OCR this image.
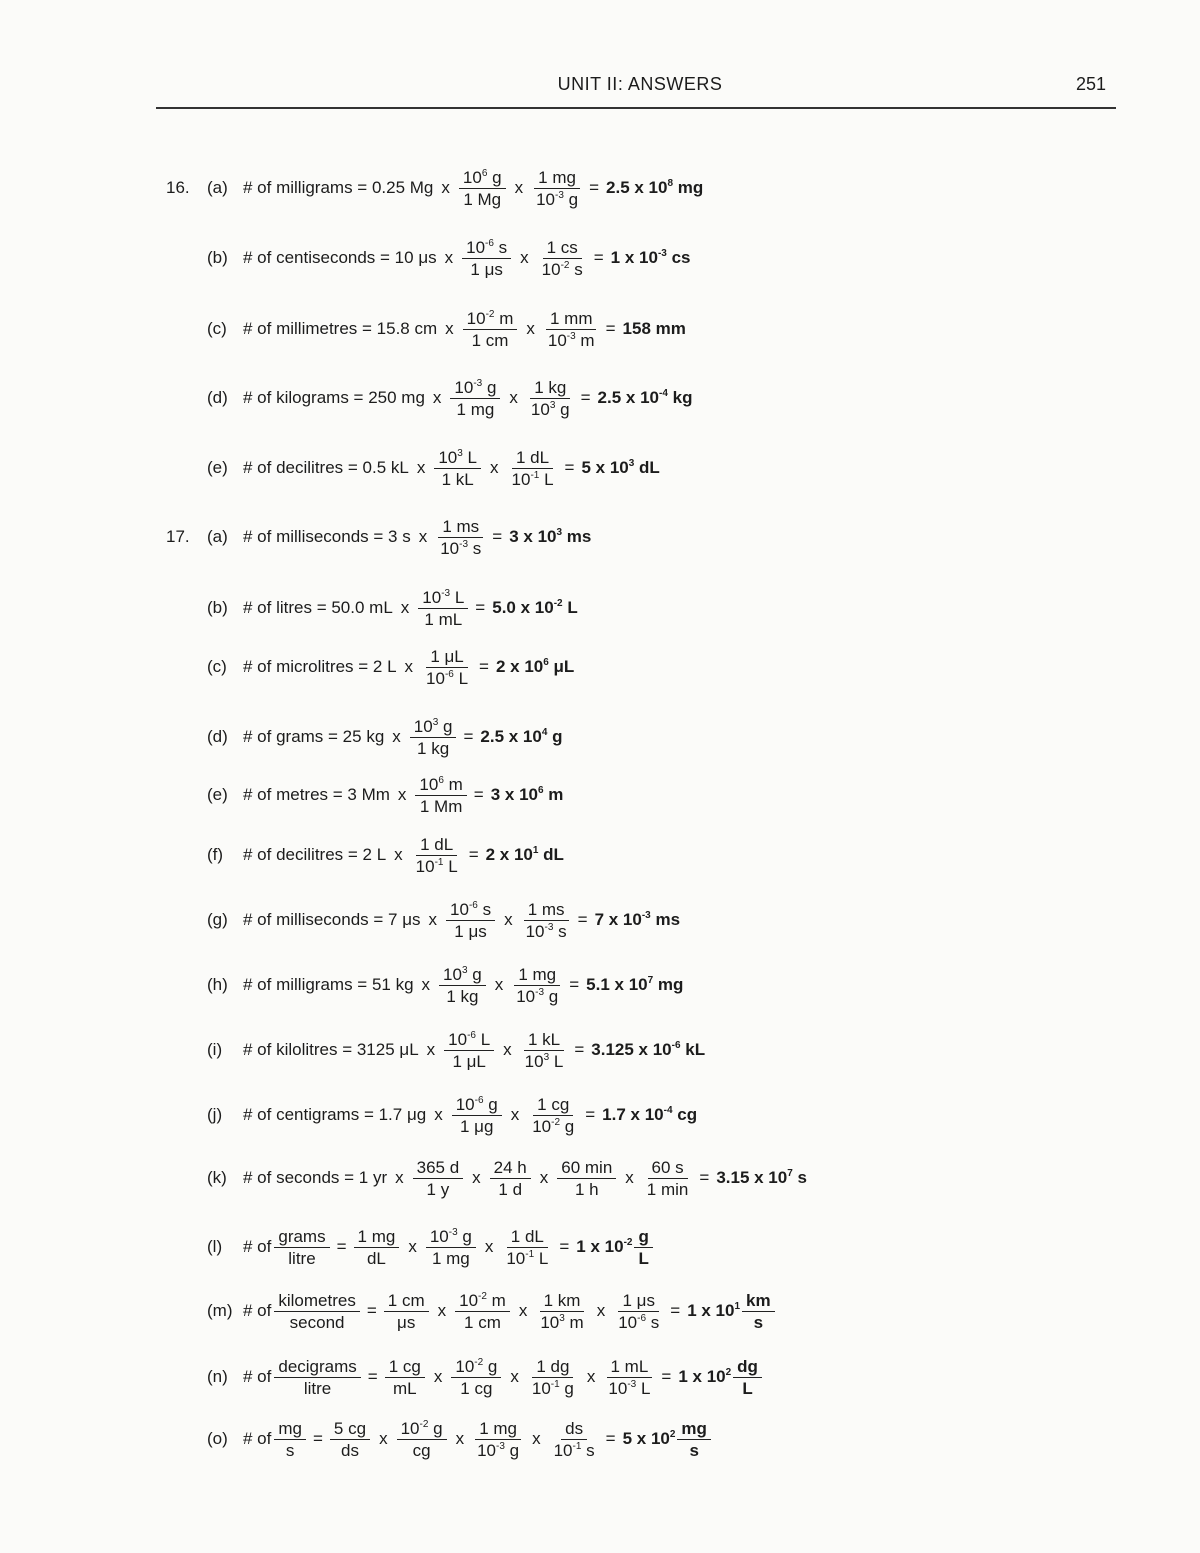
UNIT II: ANSWERS	251
16.	(a) # of milligrams = 0.25 Mg x $\frac{10^6 g}{1 Mg}$ x $\frac{1 mg}{10^{-3} g} = 2.5$ x $10^8$ mg
(b) # of centiseconds = 10 μs x $\frac{10^{-6} s}{1 \mu s}$ x $\frac{1 cs}{10^{-2} s} = 1$ x $10^{-3}$ cs
(c) # of millimetres = 15.8 cm x $\frac{10^{-2} m}{1 cm}$ x $\frac{1 mm}{10^{-3} m} = 158$ mm
(d) # of kilograms = 250 mg x $\frac{10^{-3} g}{1 mg}$ x $\frac{1 kg}{10^3 g} = 2.5$ x $10^{-4}$ kg
(e) # of decilitres = 0.5 kL x $\frac{10^3 L}{1 kL}$ x $\frac{1 dL}{10^{-1} L} = 5$ x $10^3$ dL
17.	(a) # of milliseconds = 3 s x $\frac{1 ms}{10^{-3} s} = 3$ x $10^3$ ms
(b) # of litres = 50.0 mL x $\frac{10^{-3} L}{1 mL} = 5.0$ x $10^{-2}$ L
(c) # of microlitres = 2 L x $\frac{1 \mu L}{10^{-6} L} = 2$ x $10^6$ μL
(d) # of grams = 25 kg x $\frac{10^3 g}{1 kg} = 2.5$ x $10^4$ g
(e) # of metres = 3 Mm x $\frac{10^6 m}{1 Mm} = 3$ x $10^6$ m
(f)	# of decilitres = 2 L x $\frac{1 dL}{10^{-1} L} = 2$ x $10^1$ dL
(g) # of milliseconds = 7 μs x $\frac{10^{-6} s}{1 \mu s}$ x $\frac{1 ms}{10^{-3} s} = 7$ x $10^{-3}$ ms
(h) # of milligrams = 51 kg x $\frac{10^3 g}{1 kg}$ x $\frac{1 mg}{10^{-3} g} = 5.1$ x $10^7$ mg
(i)	# of kilolitres = 3125 μL x $\frac{10^{-6} L}{1 \mu L}$ x $\frac{1 kL}{10^3 L} = 3.125$ x $10^{-6}$ kL
(j)	# of centigrams = 1.7 μg x $\frac{10^{-6} g}{1 \mu g}$ x $\frac{1 cg}{10^{-2} g} = 1.7$ x $10^{-4}$ cg
(k) # of seconds = 1 yr x $\frac{365 d}{1 y}$ x $\frac{24 h}{1 d}$ x $\frac{60 \min}{1 h}$ x $\frac{60 s}{1 \min} = 3.15$ x $10^7$ s
(l)	# of $\frac{\text{grams}}{\text{litre}} = \frac{1 mg}{dL}$ x $\frac{10^{-3} g}{1 mg}$ x $\frac{1 dL}{10^{-1} L} = 1$ x $10^{-2} \frac{g}{L}$
(m) # of $\frac{\text{kilometres}}{\text{second}} = \frac{1 cm}{\mu s}$ x $\frac{10^{-2} m}{1 cm}$ x $\frac{1 km}{10^3 m}$ x $\frac{1 \mu s}{10^{-6} s} = 1$ x $10^1 \frac{km}{s}$
(n) # of $\frac{\text{decigrams}}{\text{litre}} = \frac{1 cg}{mL}$ x $\frac{10^{-2} g}{1 cg}$ x $\frac{1 dg}{10^{-1} g}$ x $\frac{1 mL}{10^{-3} L} = 1$ x $10^2 \frac{dg}{L}$
(o) # of $\frac{mg}{s} = \frac{5 cg}{ds}$ x $\frac{10^{-2} g}{cg}$ x $\frac{1 mg}{10^{-3} g}$ x $\frac{ds}{10^{-1} s} = 5$ x $10^2 \frac{mg}{s}$
